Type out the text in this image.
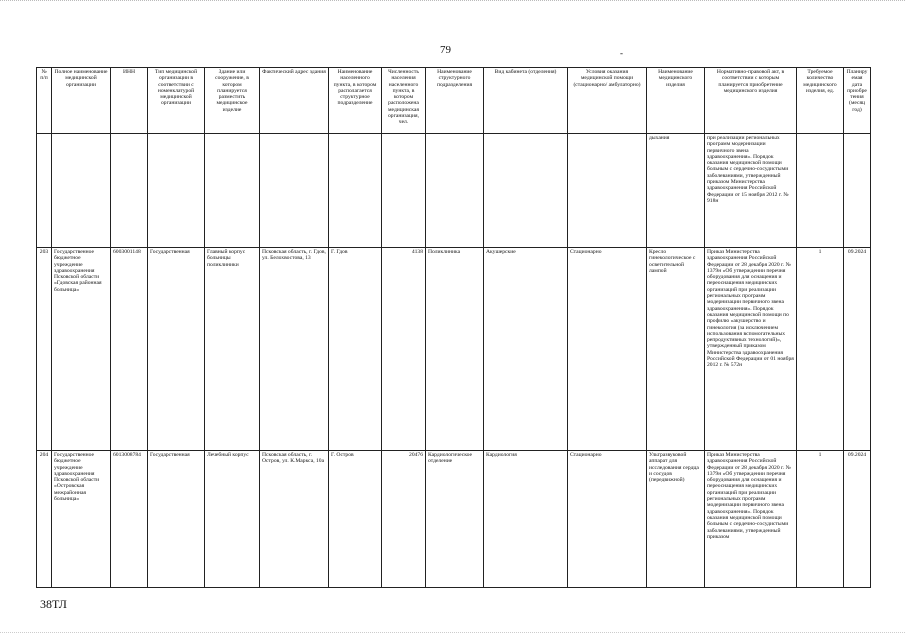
79	-
№ п/п	Полное наименование медицинской организации	ИНН	Тип медицинской организации в соответствии с номенклатурой медицинской организации	Здание или сооружение, в котором планируется разместить медицинское изделие	Фактический адрес здания	Наименование населенного пункта, в котором располагается структурное подразделение	Численность населения населенного пункта, в котором расположена медицинская организация, чел.	Наименование структурного подразделения	Вид кабинета (отделения)	Условия оказания медицинской помощи (стационарно/ амбулаторно)	Наименование медицинского изделия	Нормативно-правовой акт, в соответствии с которым планируется приобретение медицинского изделия	Требуемое количество медицинского изделия, ед.	Планируемая дата приобретения (месяц год)
											дыхания	при реализации региональных программ модернизации первичного звена здравоохранения». Порядок оказания медицинской помощи больным с сердечно-сосудистыми заболеваниями, утвержденный приказом Министерства здравоохранения Российской Федерации от 15 ноября 2012 г. № 918н		
203	Государственное бюджетное учреждение здравоохранения Псковской области «Гдовская районная больница»	6003001148	Государственная	Главный корпус больницы поликлиники	Псковская область, г. Гдов, ул. Белохвостова, 13	Г. Гдов	4138	Поликлиника	Акушерские	Стационарно	Кресло гинекологическое с осветительной лампой	Приказ Министерства здравоохранения Российской Федерации от 28 декабря 2020 г. № 1379н «Об утверждении перечня оборудования для оснащения и переоснащения медицинских организаций при реализации региональных программ модернизации первичного звена здравоохранения». Порядок оказания медицинской помощи по профилю «акушерство и гинекология (за исключением использования вспомогательных репродуктивных технологий)», утвержденный приказом Министерства здравоохранения Российской Федерации от 01 ноября 2012 г. № 572н	1	09.2024
204	Государственное бюджетное учреждение здравоохранения Псковской области «Островская межрайонная больница»	6013008784	Государственная	Лечебный корпус	Псковская область, г. Остров, ул. К.Маркса, 10а	Г. Остров	20476	Кардиологическое отделение	Кардиология	Стационарно	Ультразвуковой аппарат для исследования сердца и сосудов (передвижной)	Приказ Министерства здравоохранения Российской Федерации от 28 декабря 2020 г. № 1379н «Об утверждении перечня оборудования для оснащения и переоснащения медицинских организаций при реализации региональных программ модернизации первичного звена здравоохранения». Порядок оказания медицинской помощи больным с сердечно-сосудистыми заболеваниями, утвержденный приказом	1	09.2024
38ТЛ
